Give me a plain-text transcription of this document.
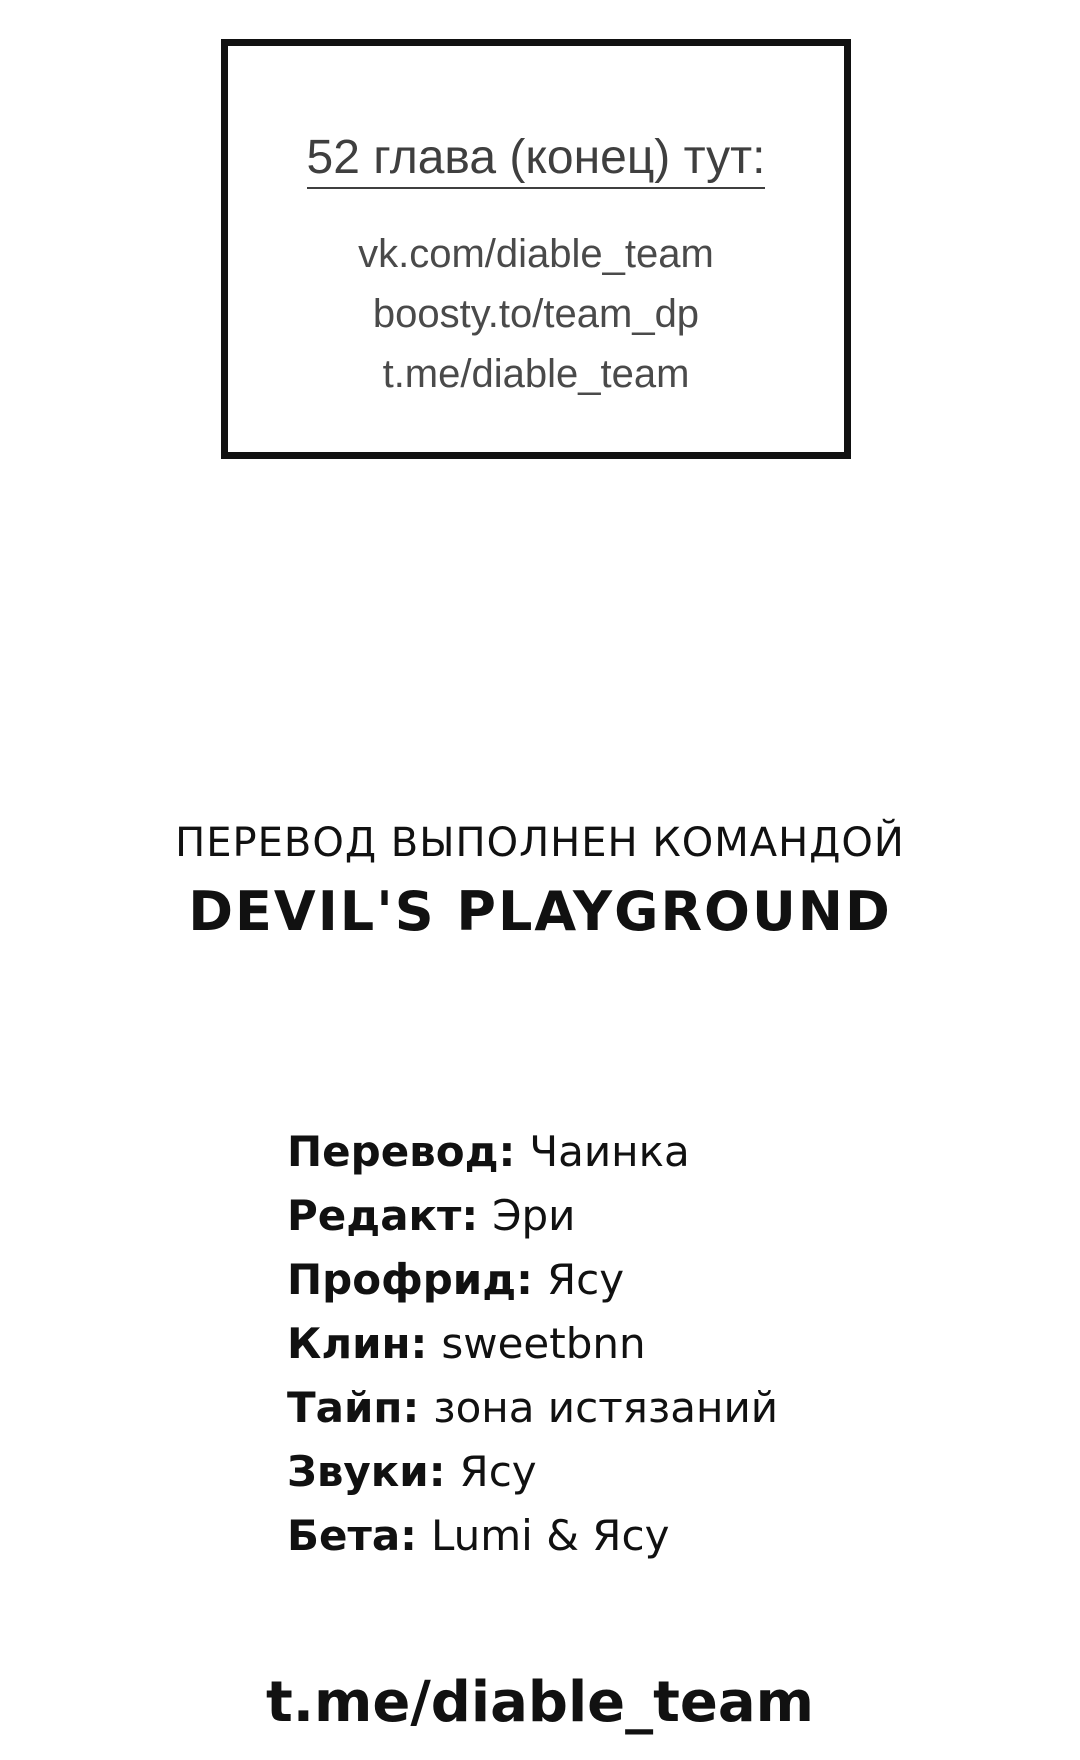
52 глава (конец) тут:
vk.com/diable_team
boosty.to/team_dp
t.me/diable_team
ПЕРЕВОД ВЫПОЛНЕН КОМАНДОЙ
DEVIL'S PLAYGROUND
Перевод: Чаинка
Редакт: Эри
Профрид: Ясу
Клин: sweetbnn
Тайп: зона истязаний
Звуки: Ясу
Бета: Lumi & Ясу
t.me/diable_team
